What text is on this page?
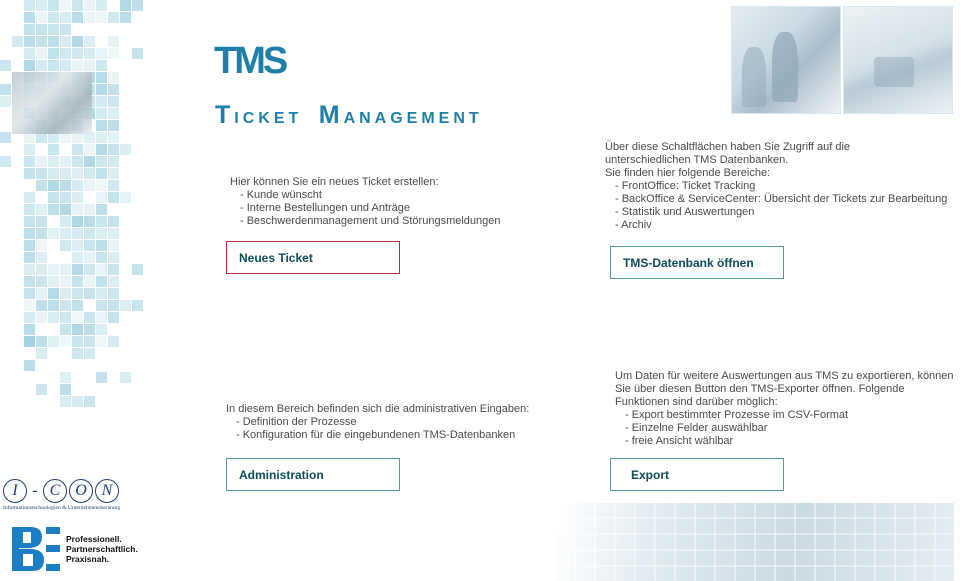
TMS
TICKET MANAGEMENT
Hier können Sie ein neues Ticket erstellen:
- Kunde wünscht
- Interne Bestellungen und Anträge
- Beschwerdenmanagement und Störungsmeldungen
Neues Ticket
Über diese Schaltflächen haben Sie Zugriff auf die
unterschiedlichen TMS Datenbanken.
Sie finden hier folgende Bereiche:
- FrontOffice: Ticket Tracking
- BackOffice & ServiceCenter: Übersicht der Tickets zur Bearbeitung
- Statistik und Auswertungen
- Archiv
TMS-Datenbank öffnen
In diesem Bereich befinden sich die administrativen Eingaben:
- Definition der Prozesse
- Konfiguration für die eingebundenen TMS-Datenbanken
Administration
Um Daten für weitere Auswertungen aus TMS zu exportieren, können
Sie über diesen Button den TMS-Exporter öffnen. Folgende
Funktionen sind darüber möglich:
- Export bestimmter Prozesse im CSV-Format
- Einzelne Felder auswählbar
- freie Ansicht wählbar
Export
I - C O N
Informationstechnologien & Unternehmensberatung
Professionell.
Partnerschaftlich.
Praxisnah.
